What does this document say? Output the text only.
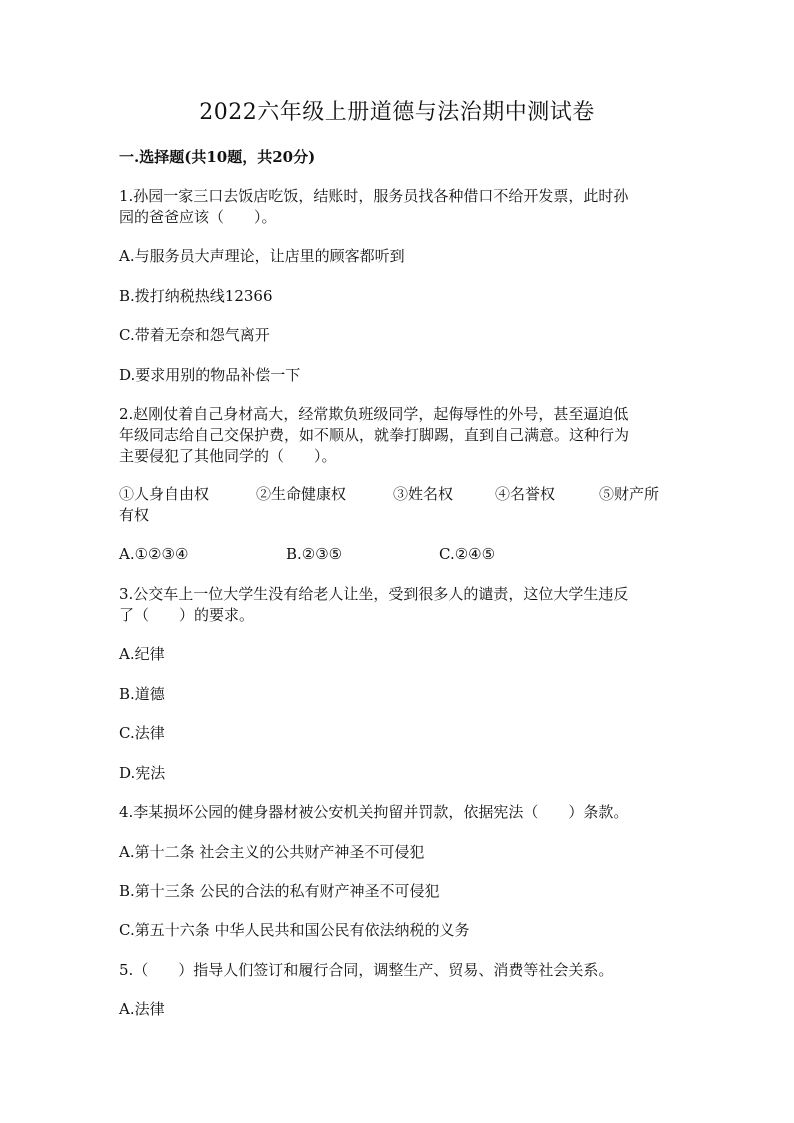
2022六年级上册道德与法治期中测试卷
一.选择题(共10题，共20分)
1.孙园一家三口去饭店吃饭，结账时，服务员找各种借口不给开发票，此时孙
园的爸爸应该（　　）。
A.与服务员大声理论，让店里的顾客都听到
B.拨打纳税热线12366
C.带着无奈和怨气离开
D.要求用别的物品补偿一下
2.赵刚仗着自己身材高大，经常欺负班级同学，起侮辱性的外号，甚至逼迫低
年级同志给自己交保护费，如不顺从，就拳打脚踢，直到自己满意。这种行为
主要侵犯了其他同学的（　　）。
①人身自由权	②生命健康权	③姓名权	④名誉权	⑤财产所
有权
A.①②③④	B.②③⑤	C.②④⑤
3.公交车上一位大学生没有给老人让坐，受到很多人的谴责，这位大学生违反
了（　　）的要求。
A.纪律
B.道德
C.法律
D.宪法
4.李某损坏公园的健身器材被公安机关拘留并罚款，依据宪法（　　）条款。
A.第十二条 社会主义的公共财产神圣不可侵犯
B.第十三条 公民的合法的私有财产神圣不可侵犯
C.第五十六条 中华人民共和国公民有依法纳税的义务
5.（　　）指导人们签订和履行合同，调整生产、贸易、消费等社会关系。
A.法律
